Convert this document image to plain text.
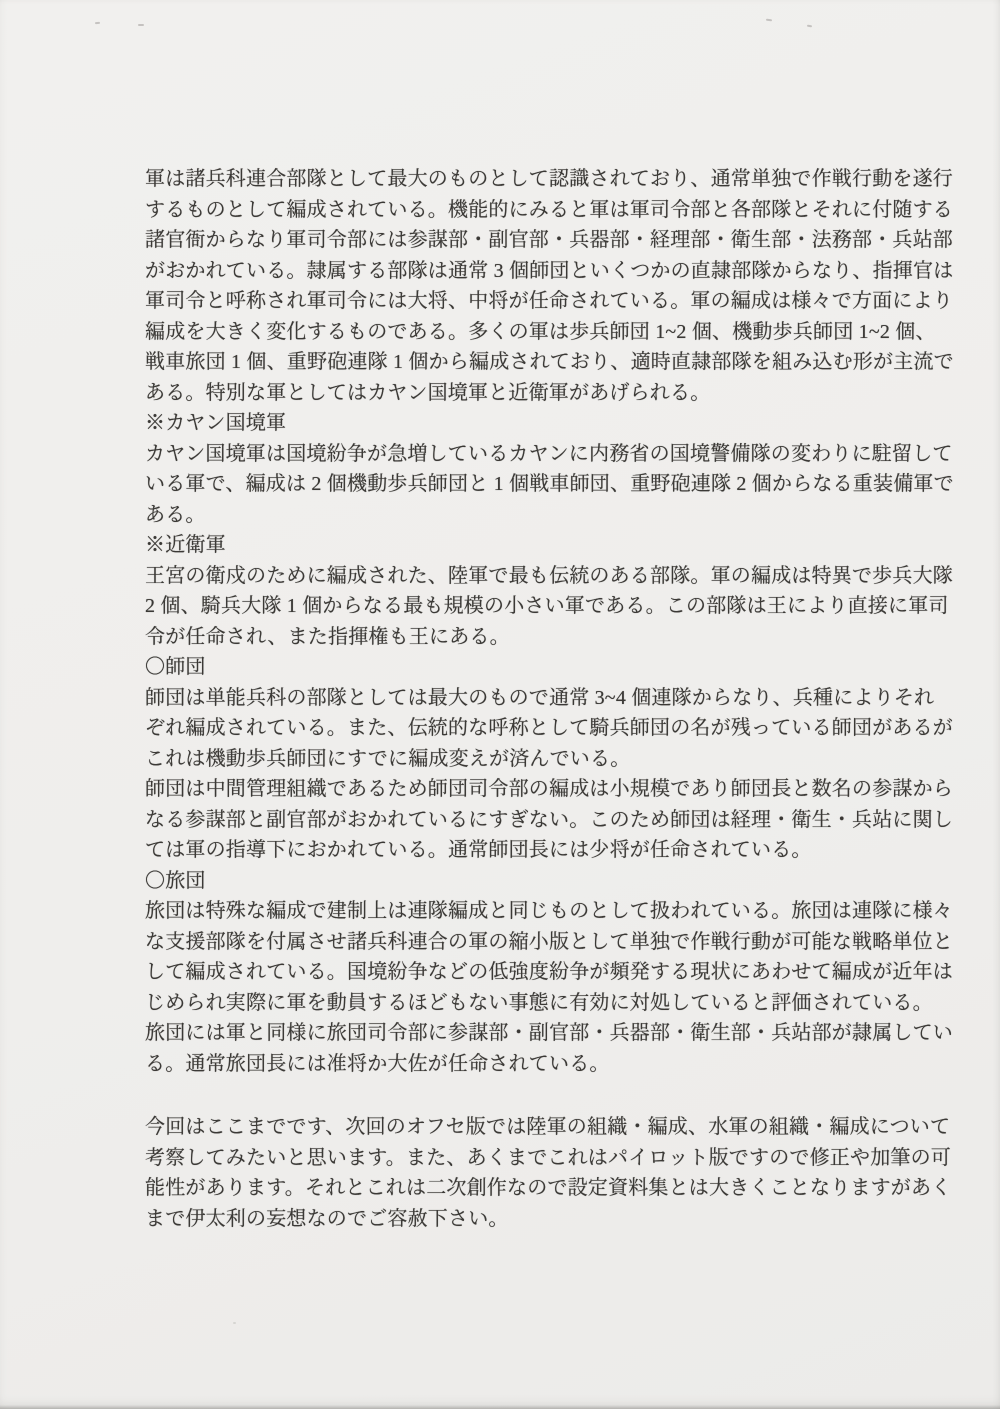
軍は諸兵科連合部隊として最大のものとして認識されており、通常単独で作戦行動を遂行
するものとして編成されている。機能的にみると軍は軍司令部と各部隊とそれに付随する
諸官衙からなり軍司令部には参謀部・副官部・兵器部・経理部・衛生部・法務部・兵站部
がおかれている。隷属する部隊は通常 3 個師団といくつかの直隷部隊からなり、指揮官は
軍司令と呼称され軍司令には大将、中将が任命されている。軍の編成は様々で方面により
編成を大きく変化するものである。多くの軍は歩兵師団 1~2 個、機動歩兵師団 1~2 個、
戦車旅団 1 個、重野砲連隊 1 個から編成されており、適時直隷部隊を組み込む形が主流で
ある。特別な軍としてはカヤン国境軍と近衛軍があげられる。
※カヤン国境軍
カヤン国境軍は国境紛争が急増しているカヤンに内務省の国境警備隊の変わりに駐留して
いる軍で、編成は 2 個機動歩兵師団と 1 個戦車師団、重野砲連隊 2 個からなる重装備軍で
ある。
※近衛軍
王宮の衛戍のために編成された、陸軍で最も伝統のある部隊。軍の編成は特異で歩兵大隊
2 個、騎兵大隊 1 個からなる最も規模の小さい軍である。この部隊は王により直接に軍司
令が任命され、また指揮権も王にある。
〇師団
師団は単能兵科の部隊としては最大のもので通常 3~4 個連隊からなり、兵種によりそれ
ぞれ編成されている。また、伝統的な呼称として騎兵師団の名が残っている師団があるが
これは機動歩兵師団にすでに編成変えが済んでいる。
師団は中間管理組織であるため師団司令部の編成は小規模であり師団長と数名の参謀から
なる参謀部と副官部がおかれているにすぎない。このため師団は経理・衛生・兵站に関し
ては軍の指導下におかれている。通常師団長には少将が任命されている。
〇旅団
旅団は特殊な編成で建制上は連隊編成と同じものとして扱われている。旅団は連隊に様々
な支援部隊を付属させ諸兵科連合の軍の縮小版として単独で作戦行動が可能な戦略単位と
して編成されている。国境紛争などの低強度紛争が頻発する現状にあわせて編成が近年は
じめられ実際に軍を動員するほどもない事態に有効に対処していると評価されている。
旅団には軍と同様に旅団司令部に参謀部・副官部・兵器部・衛生部・兵站部が隷属してい
る。通常旅団長には准将か大佐が任命されている。
今回はここまでです、次回のオフセ版では陸軍の組織・編成、水軍の組織・編成について
考察してみたいと思います。また、あくまでこれはパイロット版ですので修正や加筆の可
能性があります。それとこれは二次創作なので設定資料集とは大きくことなりますがあく
まで伊太利の妄想なのでご容赦下さい。
